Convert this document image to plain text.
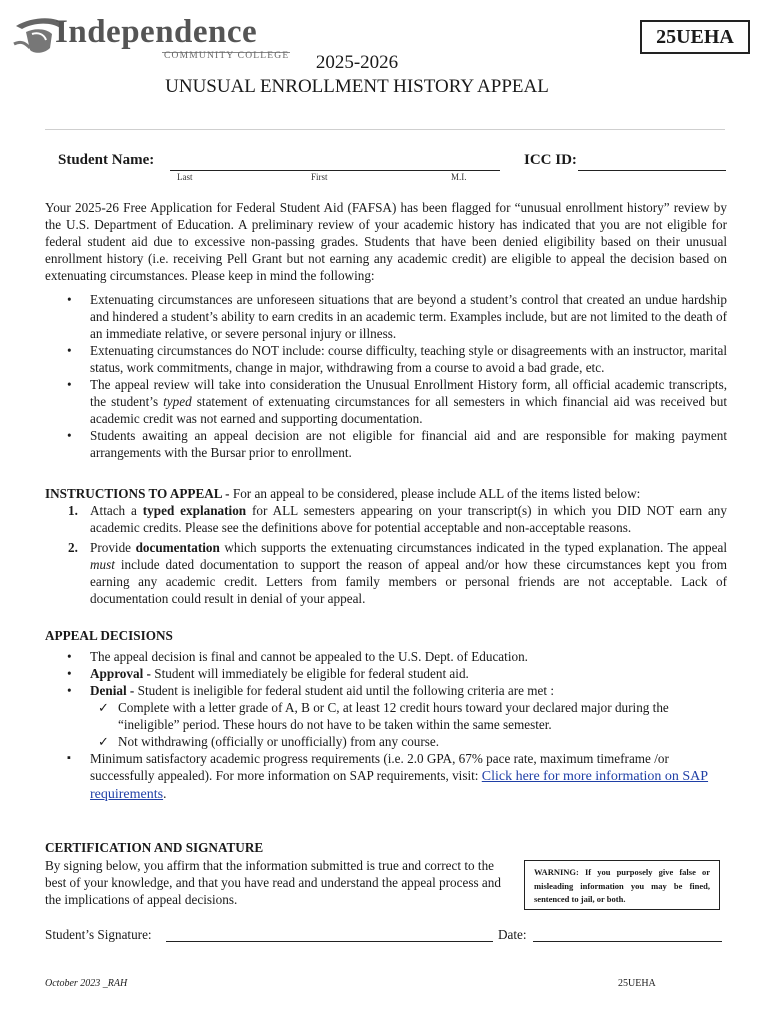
Independence
COMMUNITY COLLEGE
25UEHA
2025-2026
UNUSUAL ENROLLMENT HISTORY APPEAL
Student Name:
Last	First	M.I.
ICC ID:
Your 2025-26 Free Application for Federal Student Aid (FAFSA) has been flagged for “unusual enrollment history” review by the U.S. Department of Education. A preliminary review of your academic history has indicated that you are not eligible for federal student aid due to excessive non-passing grades. Students that have been denied eligibility based on their unusual enrollment history (i.e. receiving Pell Grant but not earning any academic credit) are eligible to appeal the decision based on extenuating circumstances. Please keep in mind the following:
• Extenuating circumstances are unforeseen situations that are beyond a student’s control that created an undue hardship and hindered a student’s ability to earn credits in an academic term. Examples include, but are not limited to the death of an immediate relative, or severe personal injury or illness.
• Extenuating circumstances do NOT include: course difficulty, teaching style or disagreements with an instructor, marital status, work commitments, change in major, withdrawing from a course to avoid a bad grade, etc.
• The appeal review will take into consideration the Unusual Enrollment History form, all official academic transcripts, the student’s typed statement of extenuating circumstances for all semesters in which financial aid was received but academic credit was not earned and supporting documentation.
• Students awaiting an appeal decision are not eligible for financial aid and are responsible for making payment arrangements with the Bursar prior to enrollment.
INSTRUCTIONS TO APPEAL - For an appeal to be considered, please include ALL of the items listed below:
1. Attach a typed explanation for ALL semesters appearing on your transcript(s) in which you DID NOT earn any academic credits. Please see the definitions above for potential acceptable and non-acceptable reasons.
2. Provide documentation which supports the extenuating circumstances indicated in the typed explanation. The appeal must include dated documentation to support the reason of appeal and/or how these circumstances kept you from earning any academic credit. Letters from family members or personal friends are not acceptable. Lack of documentation could result in denial of your appeal.
APPEAL DECISIONS
• The appeal decision is final and cannot be appealed to the U.S. Dept. of Education.
• Approval - Student will immediately be eligible for federal student aid.
• Denial - Student is ineligible for federal student aid until the following criteria are met :
✓ Complete with a letter grade of A, B or C, at least 12 credit hours toward your declared major during the “ineligible” period. These hours do not have to be taken within the same semester.
✓ Not withdrawing (officially or unofficially) from any course.
▪ Minimum satisfactory academic progress requirements (i.e. 2.0 GPA, 67% pace rate, maximum timeframe /or successfully appealed). For more information on SAP requirements, visit: Click here for more information on SAP requirements.
CERTIFICATION AND SIGNATURE
By signing below, you affirm that the information submitted is true and correct to the best of your knowledge, and that you have read and understand the appeal process and the implications of appeal decisions.
WARNING: If you purposely give false or misleading information you may be fined, sentenced to jail, or both.
Student’s Signature:	Date:
October 2023 _RAH	25UEHA
